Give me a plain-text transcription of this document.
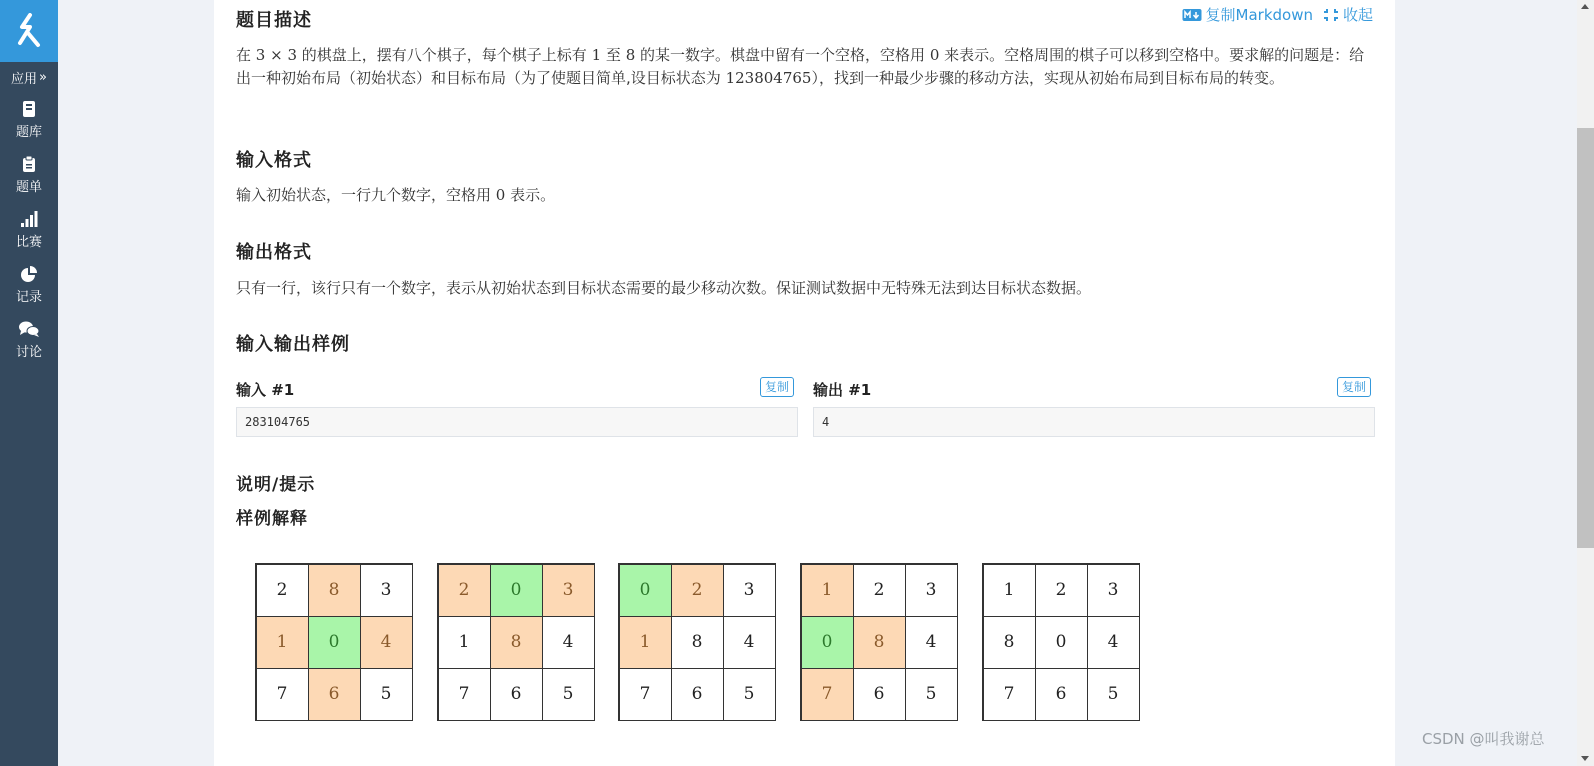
应用 »
题库
题单
比赛
记录
讨论
题目描述	复制Markdown 收起
在 3 × 3 的棋盘上，摆有八个棋子，每个棋子上标有 1 至 8 的某一数字。棋盘中留有一个空格，空格用 0 来表示。空格周围的棋子可以移到空格中。要求解的问题是：给出一种初始布局（初始状态）和目标布局（为了使题目简单,设目标状态为 123804765），找到一种最少步骤的移动方法，实现从初始布局到目标布局的转变。
输入格式
输入初始状态，一行九个数字，空格用 0 表示。
输出格式
只有一行，该行只有一个数字，表示从初始状态到目标状态需要的最少移动次数。保证测试数据中无特殊无法到达目标状态数据。
输入输出样例
输入 #1	复制
283104765
输出 #1	复制
4
说明/提示
样例解释
2	8	3
1	0	4
7	6	5
2	0	3
1	8	4
7	6	5
0	2	3
1	8	4
7	6	5
1	2	3
0	8	4
7	6	5
1	2	3
8	0	4
7	6	5
CSDN @叫我谢总
